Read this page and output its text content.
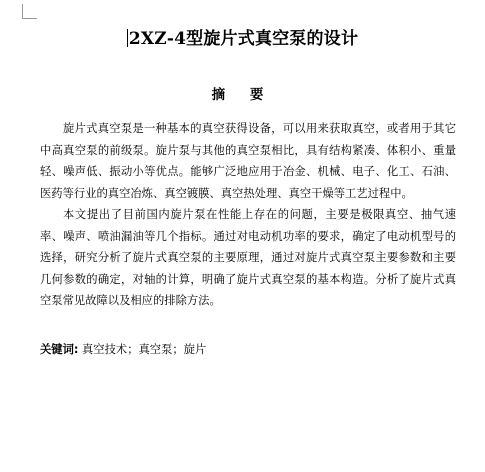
2XZ-4型旋片式真空泵的设计
摘 要

旋片式真空泵是一种基本的真空获得设备，可以用来获取真空，或者用于其它中高真空泵的前级泵。旋片泵与其他的真空泵相比，具有结构紧凑、体积小、重量轻、噪声低、振动小等优点。能够广泛地应用于冶金、机械、电子、化工、石油、医药等行业的真空冶炼、真空镀膜、真空热处理、真空干燥等工艺过程中。

本文提出了目前国内旋片泵在性能上存在的问题，主要是极限真空、抽气速率、噪声、喷油漏油等几个指标。通过对电动机功率的要求，确定了电动机型号的选择，研究分析了旋片式真空泵的主要原理，通过对旋片式真空泵主要参数和主要几何参数的确定，对轴的计算，明确了旋片式真空泵的基本构造。分析了旋片式真空泵常见故障以及相应的排除方法。

关键词: 真空技术；真空泵；旋片
